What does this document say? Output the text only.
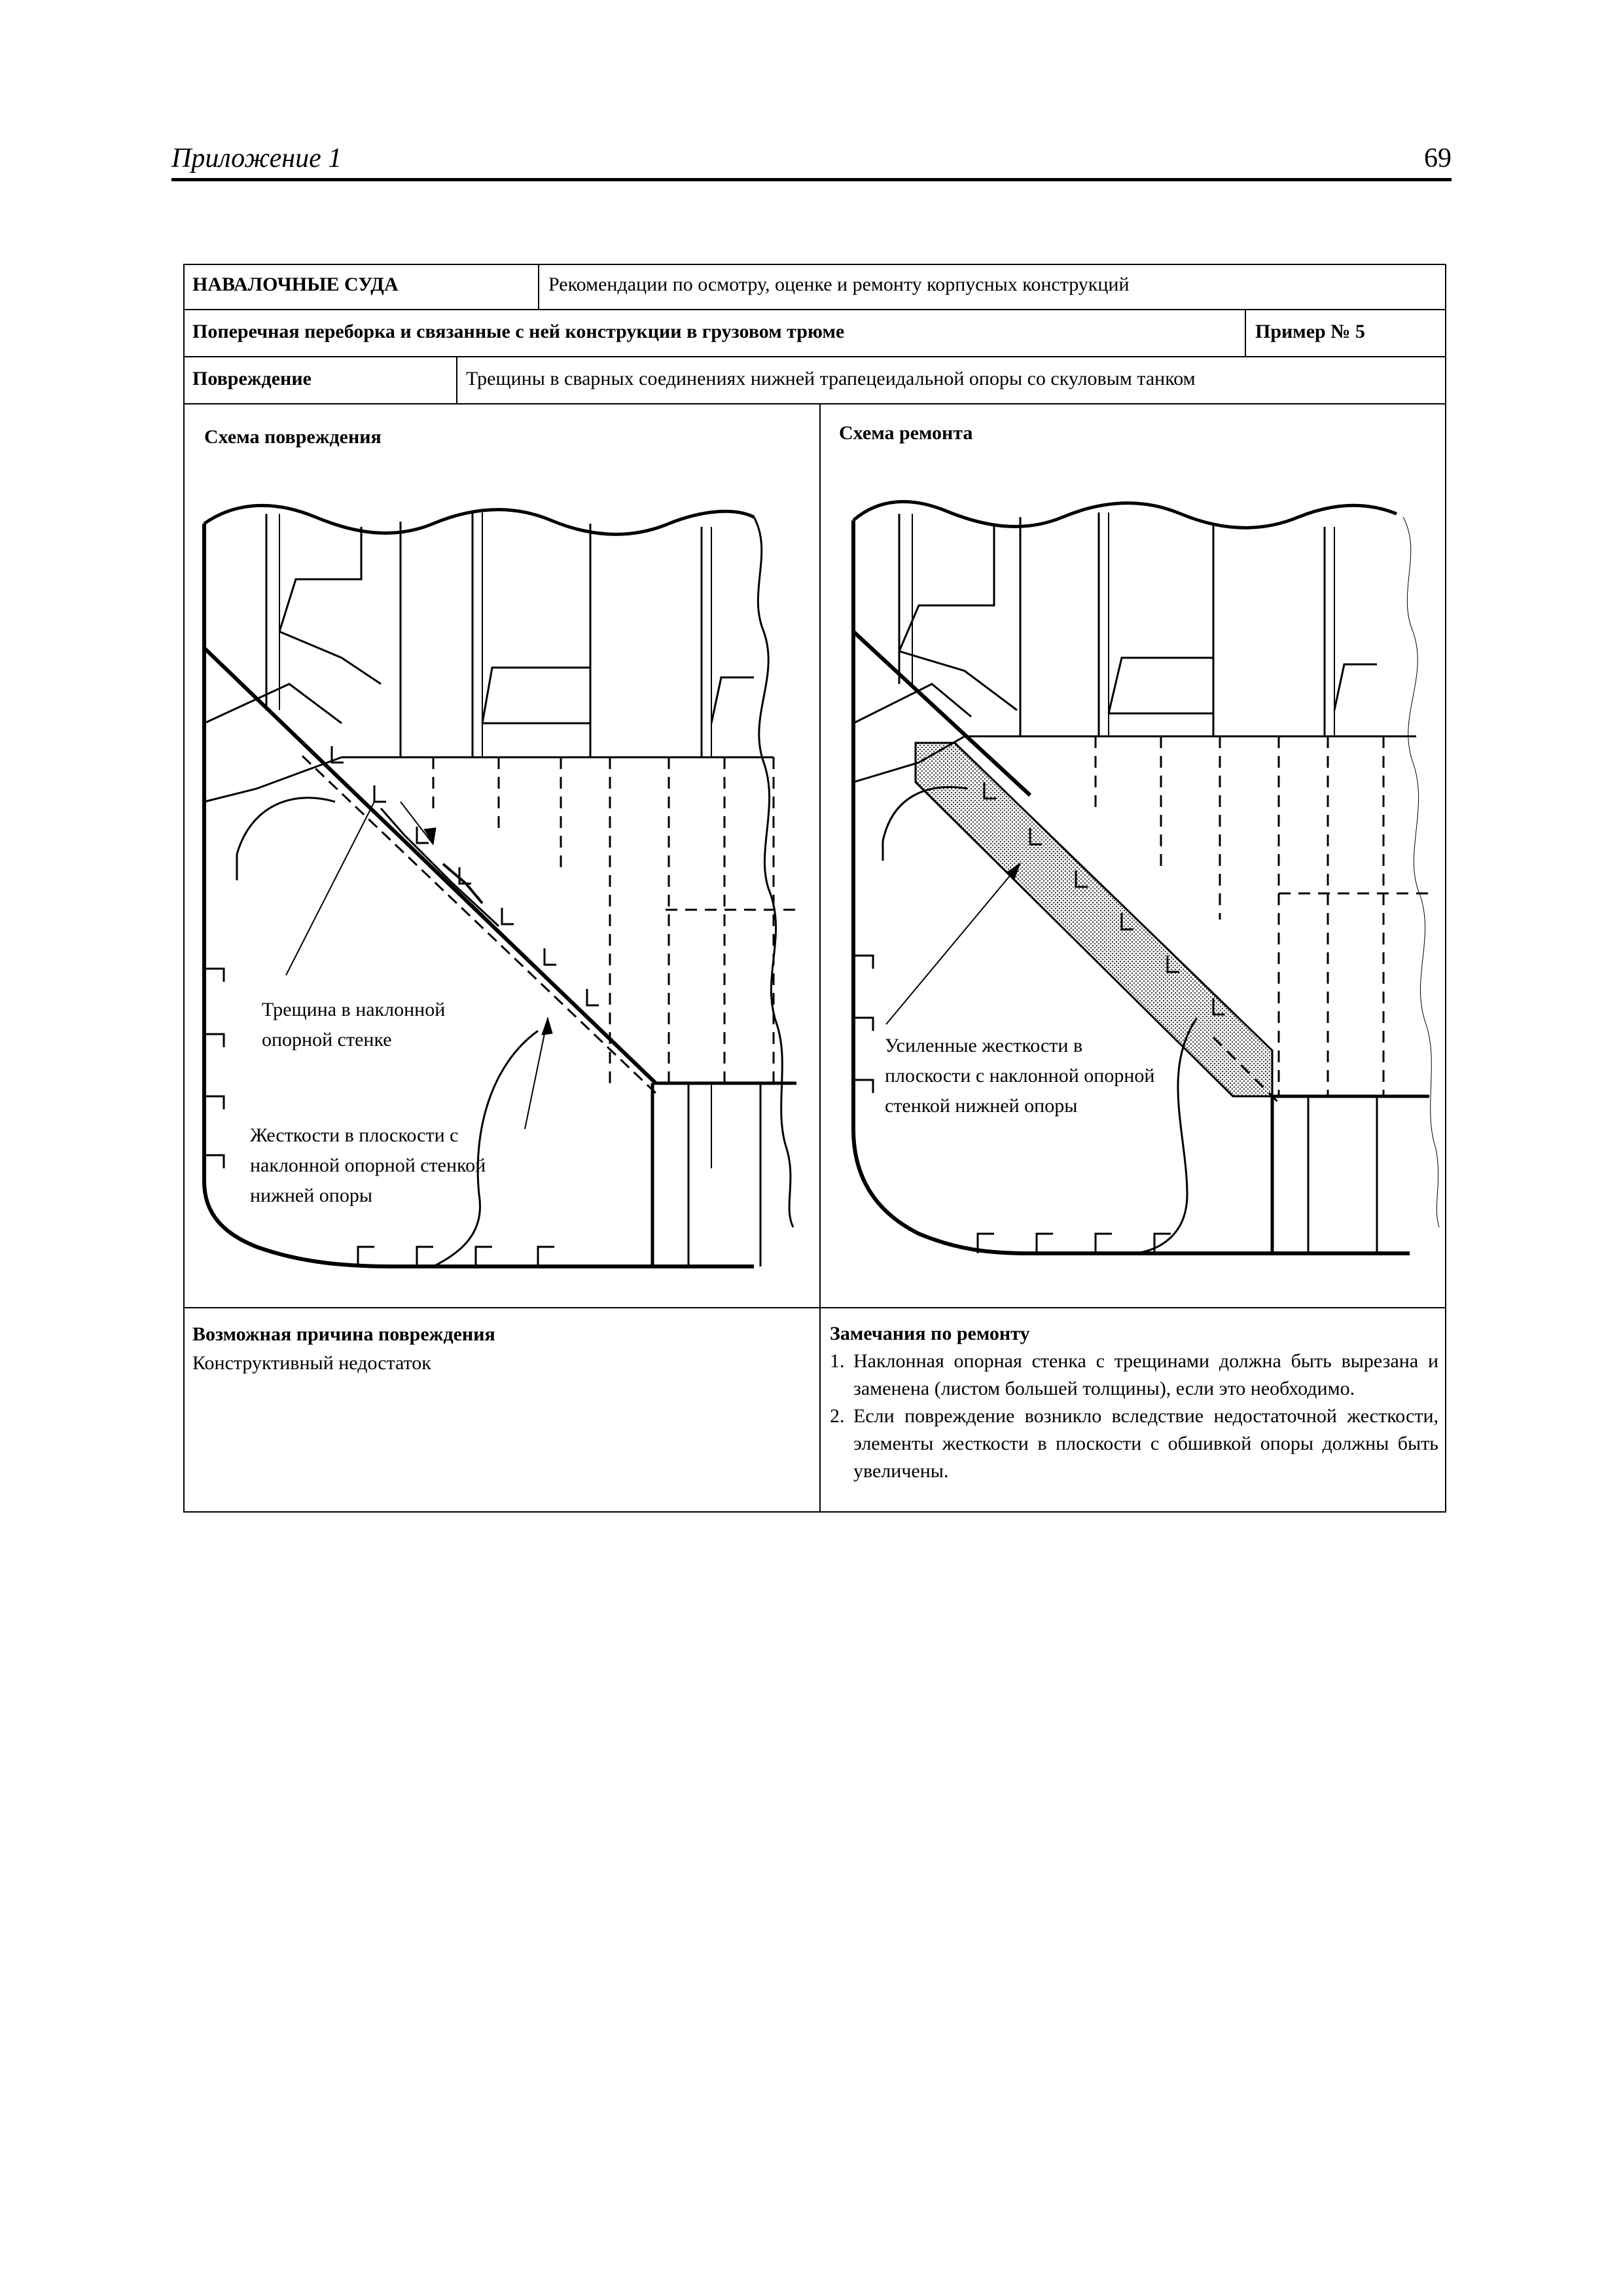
Приложение 1	69
НАВАЛОЧНЫЕ СУДА	Рекомендации по осмотру, оценке и ремонту корпусных конструкций
Поперечная переборка и связанные с ней конструкции в грузовом трюме	Пример № 5
Повреждение	Трещины в сварных соединениях нижней трапецеидальной опоры со скуловым танком
Схема повреждения	Схема ремонта
Трещина в наклонной
опорной стенке
Жесткости в плоскости с
наклонной опорной стенкой
нижней опоры
Усиленные жесткости в
плоскости с наклонной опорной
стенкой нижней опоры
Возможная причина повреждения
Конструктивный недостаток
Замечания по ремонту
1. Наклонная опорная стенка с трещинами должна быть вырезана и заменена (листом большей толщины), если это необходимо.
2. Если повреждение возникло вследствие недостаточной жесткости, элементы жесткости в плоскости с обшивкой опоры должны быть увеличены.
